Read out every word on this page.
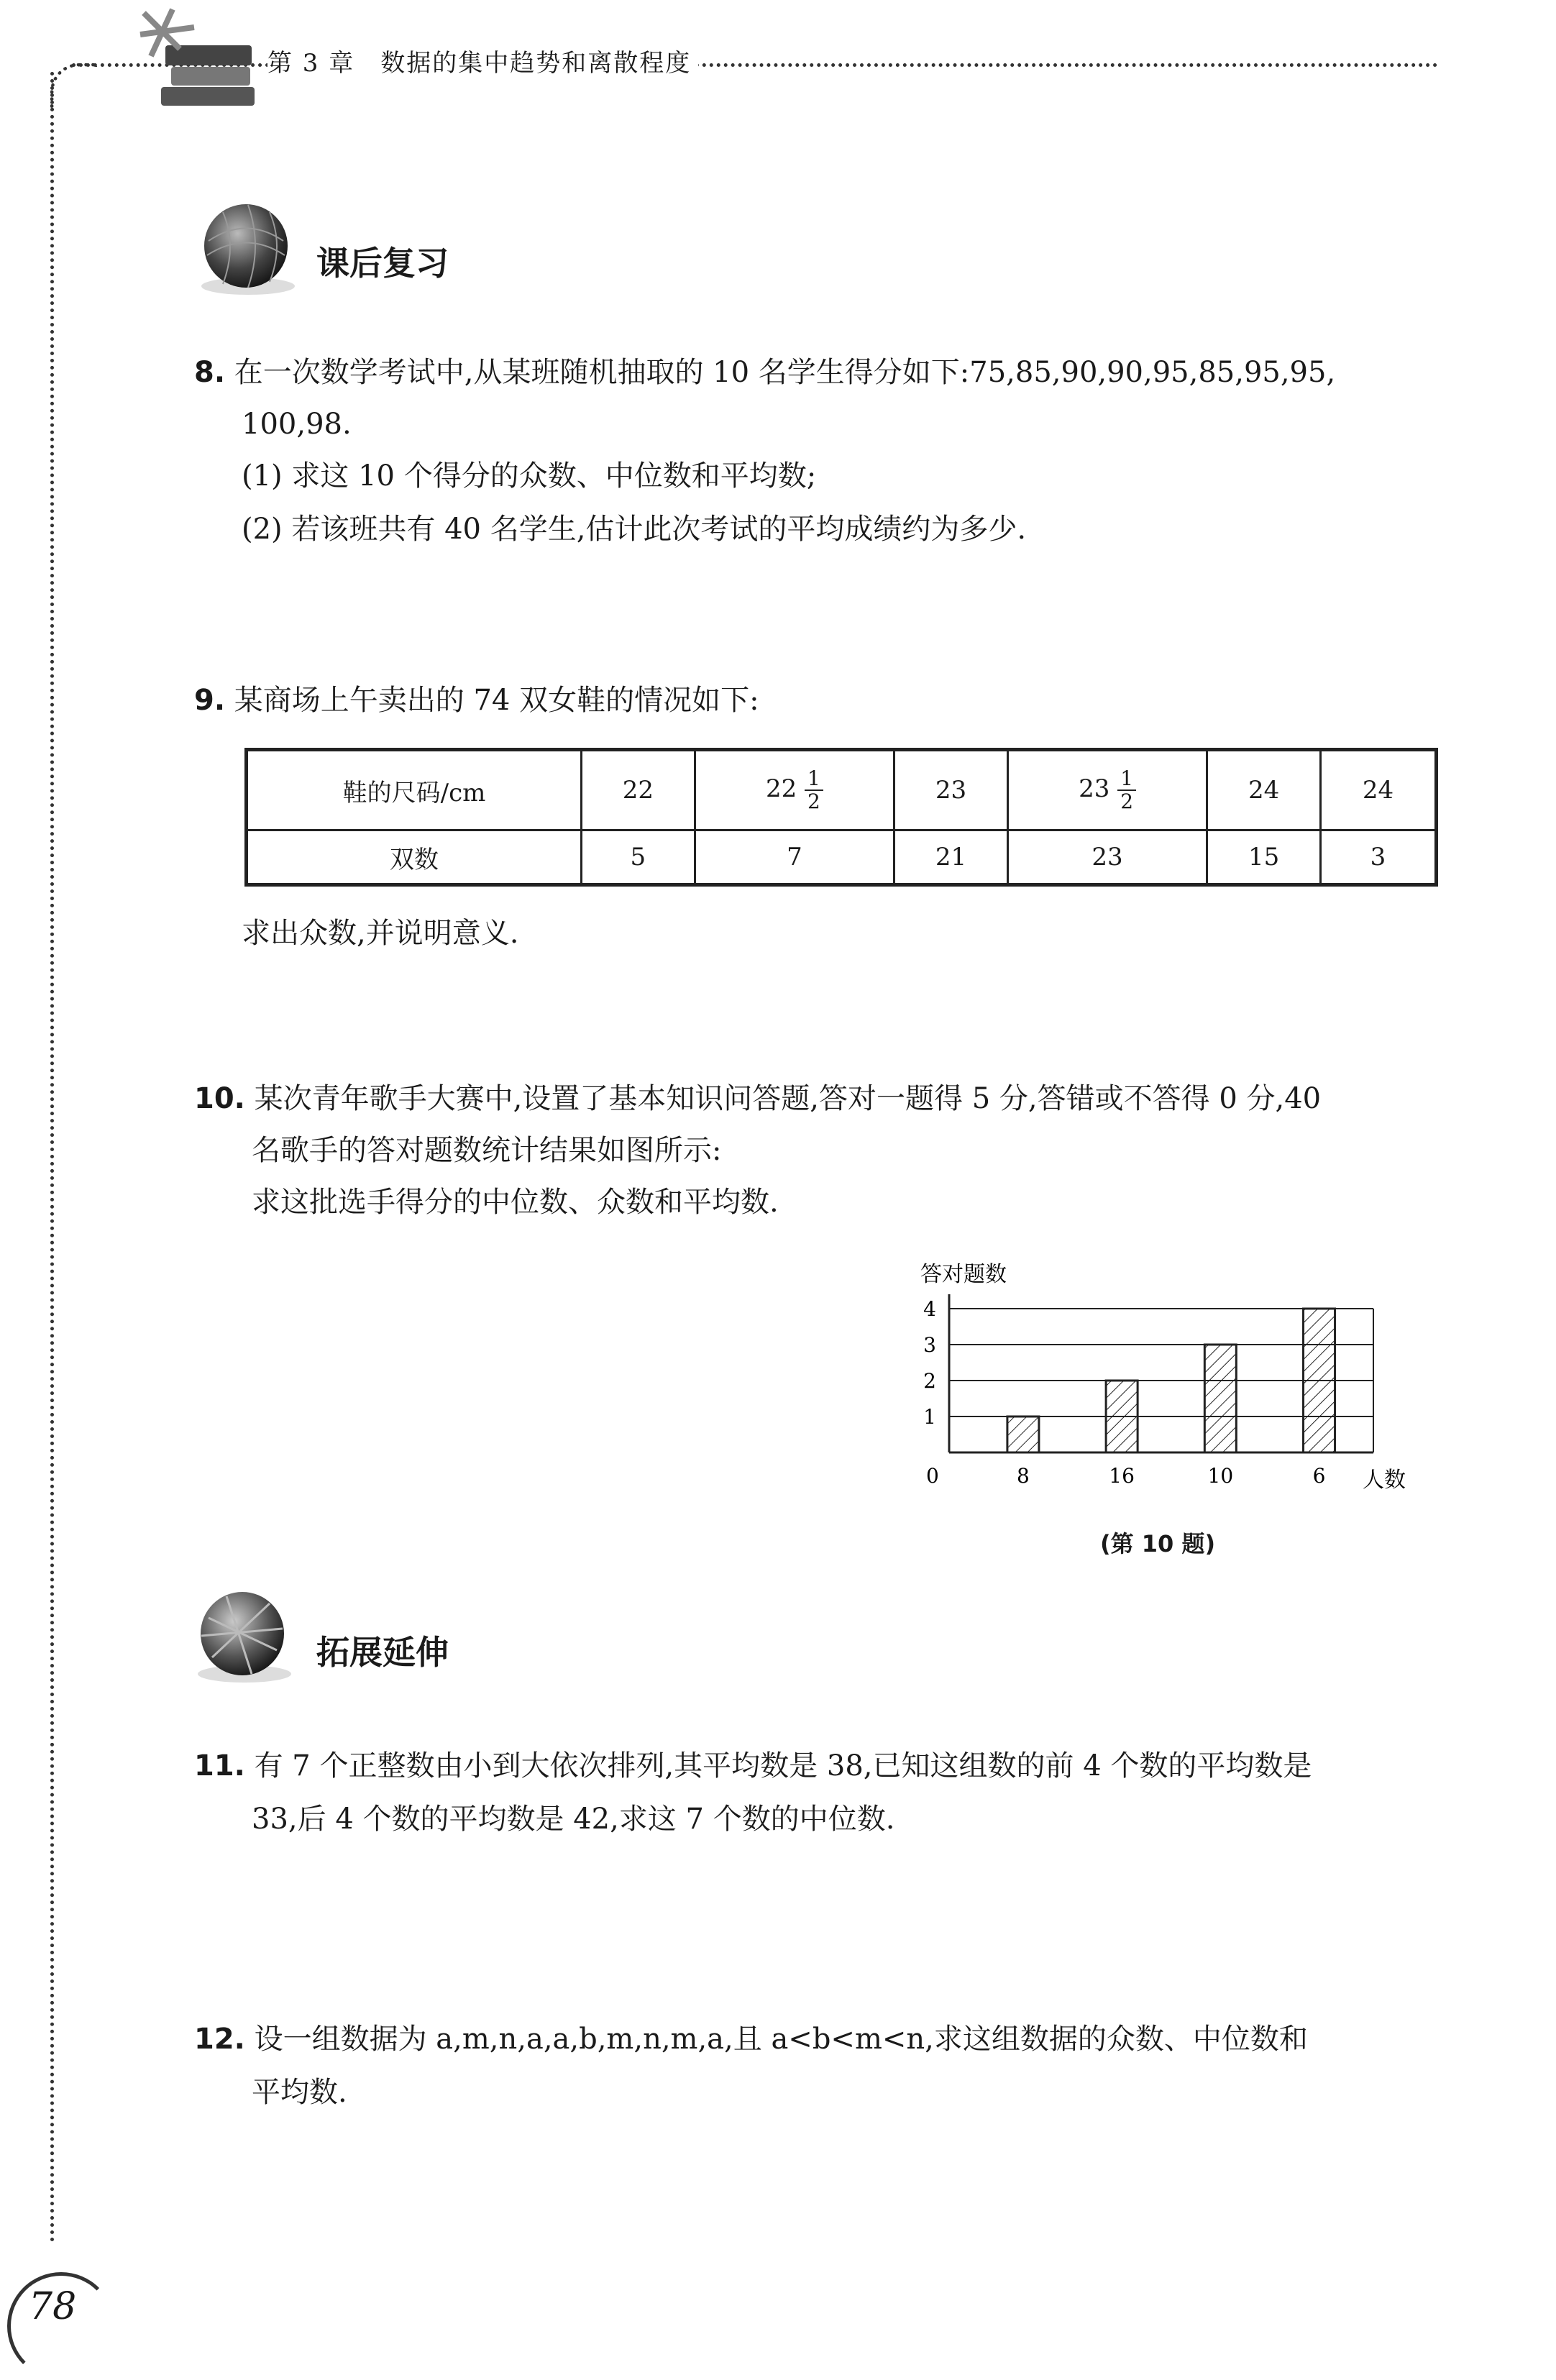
第 3 章　数据的集中趋势和离散程度
课后复习
8. 在一次数学考试中,从某班随机抽取的 10 名学生得分如下:75,85,90,90,95,85,95,95,
100,98.
(1) 求这 10 个得分的众数、中位数和平均数;
(2) 若该班共有 40 名学生,估计此次考试的平均成绩约为多少.
9. 某商场上午卖出的 74 双女鞋的情况如下:
鞋的尺码/cm	22	$22 \frac{1}{2}$	23	$23 \frac{1}{2}$	24	24
双数	5	7	21	23	15	3
求出众数,并说明意义.
10. 某次青年歌手大赛中,设置了基本知识问答题,答对一题得 5 分,答错或不答得 0 分,40
名歌手的答对题数统计结果如图所示:
求这批选手得分的中位数、众数和平均数.
答对题数
人数
0
1
2
3
4
8	16	10	6
(第 10 题)
拓展延伸
11. 有 7 个正整数由小到大依次排列,其平均数是 38,已知这组数的前 4 个数的平均数是
33,后 4 个数的平均数是 42,求这 7 个数的中位数.
12. 设一组数据为 a,m,n,a,a,b,m,n,m,a,且 a<b<m<n,求这组数据的众数、中位数和
平均数.
78
